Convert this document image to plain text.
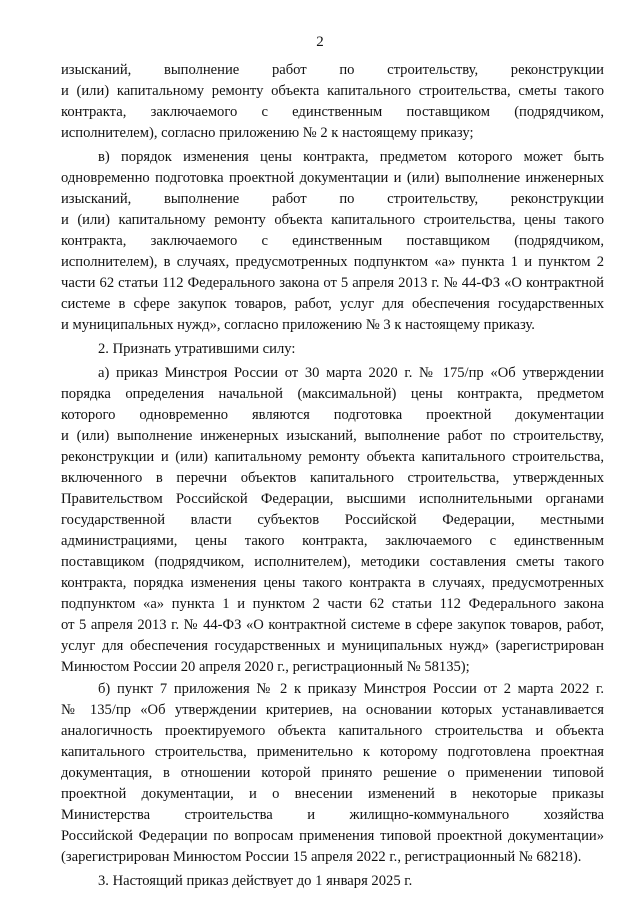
2
изысканий, выполнение работ по строительству, реконструкции
и (или) капитальному ремонту объекта капитального строительства, сметы такого
контракта, заключаемого с единственным поставщиком (подрядчиком,
исполнителем), согласно приложению № 2 к настоящему приказу;
в) порядок изменения цены контракта, предметом которого может быть
одновременно подготовка проектной документации и (или) выполнение инженерных
изысканий, выполнение работ по строительству, реконструкции
и (или) капитальному ремонту объекта капитального строительства, цены такого
контракта, заключаемого с единственным поставщиком (подрядчиком,
исполнителем), в случаях, предусмотренных подпунктом «а» пункта 1 и пунктом 2
части 62 статьи 112 Федерального закона от 5 апреля 2013 г. № 44-ФЗ «О контрактной
системе в сфере закупок товаров, работ, услуг для обеспечения государственных
и муниципальных нужд», согласно приложению № 3 к настоящему приказу.
2. Признать утратившими силу:
а) приказ Минстроя России от 30 марта 2020 г. № 175/пр «Об утверждении
порядка определения начальной (максимальной) цены контракта, предметом
которого одновременно являются подготовка проектной документации
и (или) выполнение инженерных изысканий, выполнение работ по строительству,
реконструкции и (или) капитальному ремонту объекта капитального строительства,
включенного в перечни объектов капитального строительства, утвержденных
Правительством Российской Федерации, высшими исполнительными органами
государственной власти субъектов Российской Федерации, местными
администрациями, цены такого контракта, заключаемого с единственным
поставщиком (подрядчиком, исполнителем), методики составления сметы такого
контракта, порядка изменения цены такого контракта в случаях, предусмотренных
подпунктом «а» пункта 1 и пунктом 2 части 62 статьи 112 Федерального закона
от 5 апреля 2013 г. № 44-ФЗ «О контрактной системе в сфере закупок товаров, работ,
услуг для обеспечения государственных и муниципальных нужд» (зарегистрирован
Минюстом России 20 апреля 2020 г., регистрационный № 58135);
б) пункт 7 приложения № 2 к приказу Минстроя России от 2 марта 2022 г.
№ 135/пр «Об утверждении критериев, на основании которых устанавливается
аналогичность проектируемого объекта капитального строительства и объекта
капитального строительства, применительно к которому подготовлена проектная
документация, в отношении которой принято решение о применении типовой
проектной документации, и о внесении изменений в некоторые приказы
Министерства строительства и жилищно-коммунального хозяйства
Российской Федерации по вопросам применения типовой проектной документации»
(зарегистрирован Минюстом России 15 апреля 2022 г., регистрационный № 68218).
3. Настоящий приказ действует до 1 января 2025 г.
